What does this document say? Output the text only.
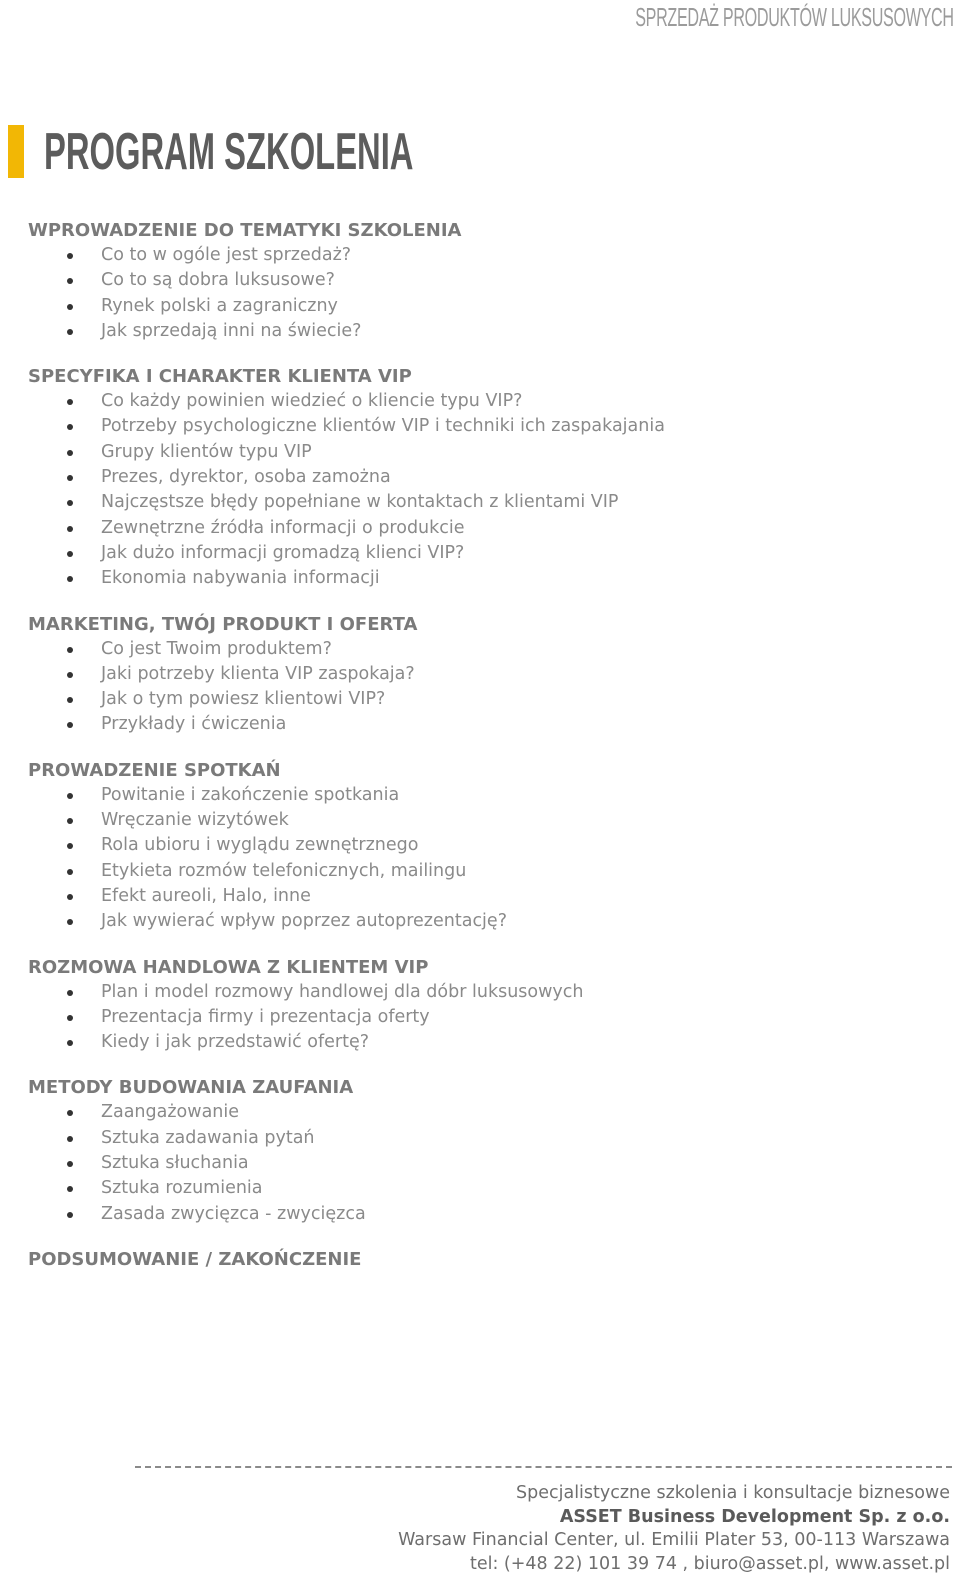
SPRZEDAŻ PRODUKTÓW LUKSUSOWYCH
PROGRAM SZKOLENIA
WPROWADZENIE DO TEMATYKI SZKOLENIA
Co to w ogóle jest sprzedaż?
Co to są dobra luksusowe?
Rynek polski a zagraniczny
Jak sprzedają inni na świecie?
SPECYFIKA I CHARAKTER KLIENTA VIP
Co każdy powinien wiedzieć o kliencie typu VIP?
Potrzeby psychologiczne klientów VIP i techniki ich zaspakajania
Grupy klientów typu VIP
Prezes, dyrektor, osoba zamożna
Najczęstsze błędy popełniane w kontaktach z klientami VIP
Zewnętrzne źródła informacji o produkcie
Jak dużo informacji gromadzą klienci VIP?
Ekonomia nabywania informacji
MARKETING, TWÓJ PRODUKT I OFERTA
Co jest Twoim produktem?
Jaki potrzeby klienta VIP zaspokaja?
Jak o tym powiesz klientowi VIP?
Przykłady i ćwiczenia
PROWADZENIE SPOTKAŃ
Powitanie i zakończenie spotkania
Wręczanie wizytówek
Rola ubioru i wyglądu zewnętrznego
Etykieta rozmów telefonicznych, mailingu
Efekt aureoli, Halo, inne
Jak wywierać wpływ poprzez autoprezentację?
ROZMOWA HANDLOWA Z KLIENTEM VIP
Plan i model rozmowy handlowej dla dóbr luksusowych
Prezentacja firmy i prezentacja oferty
Kiedy i jak przedstawić ofertę?
METODY BUDOWANIA ZAUFANIA
Zaangażowanie
Sztuka zadawania pytań
Sztuka słuchania
Sztuka rozumienia
Zasada zwycięzca - zwycięzca
PODSUMOWANIE / ZAKOŃCZENIE
Specjalistyczne szkolenia i konsultacje biznesowe
ASSET Business Development Sp. z o.o.
Warsaw Financial Center, ul. Emilii Plater 53, 00-113 Warszawa
tel: (+48 22) 101 39 74 , biuro@asset.pl, www.asset.pl
